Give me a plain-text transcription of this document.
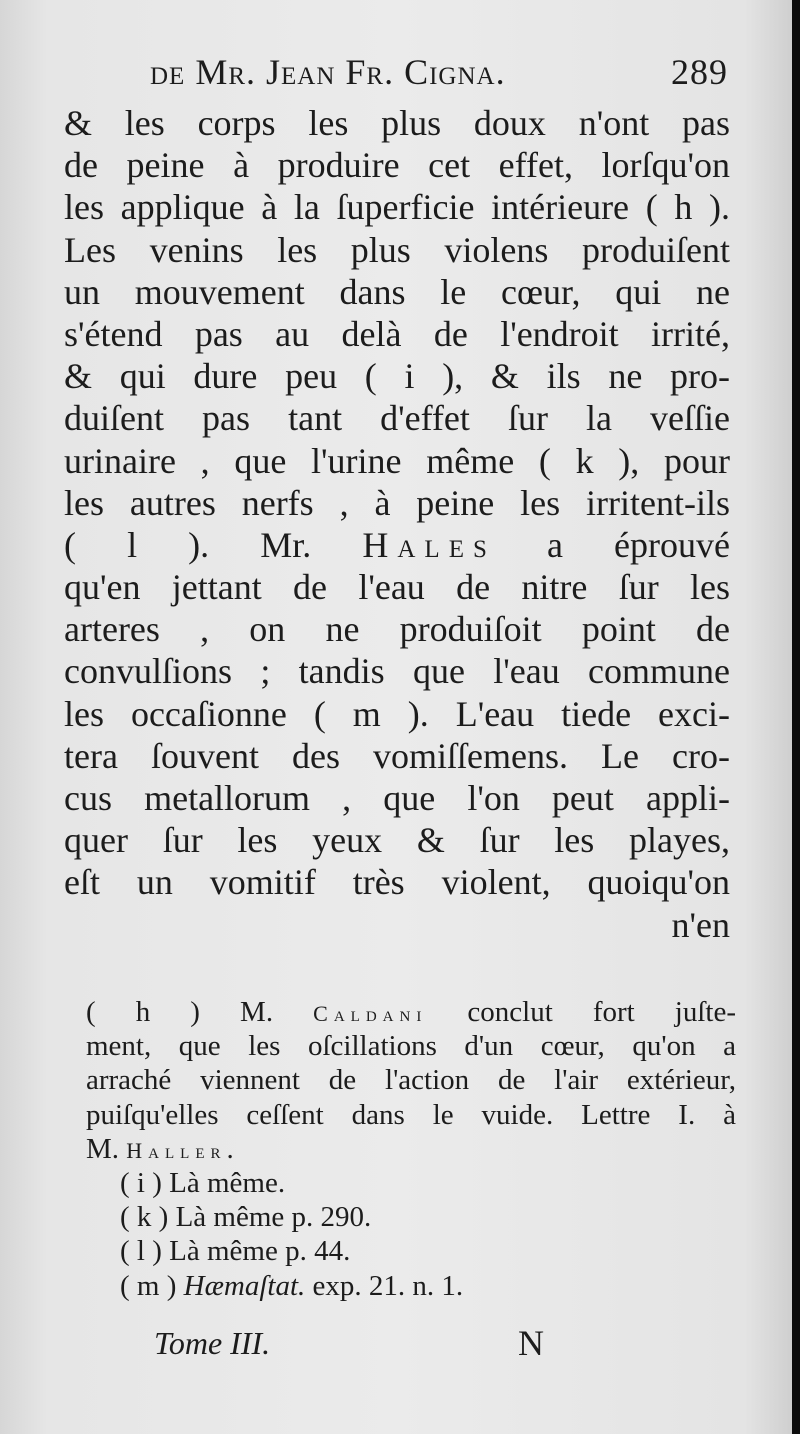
de Mr. Jean Fr. Cigna.	289
& les corps les plus doux n'ont pas
de peine à produire cet effet, lorſqu'on
les applique à la ſuperficie intérieure ( h ).
Les venins les plus violens produiſent
un mouvement dans le cœur, qui ne
s'étend pas au delà de l'endroit irrité,
& qui dure peu ( i ), & ils ne pro-
duiſent pas tant d'effet ſur la veſſie
urinaire , que l'urine même ( k ), pour
les autres nerfs , à peine les irritent-ils
( l ). Mr. Hales a éprouvé
qu'en jettant de l'eau de nitre ſur les
arteres , on ne produiſoit point de
convulſions ; tandis que l'eau commune
les occaſionne ( m ). L'eau tiede exci-
tera ſouvent des vomiſſemens. Le cro-
cus metallorum , que l'on peut appli-
quer ſur les yeux & ſur les playes,
eſt un vomitif très violent, quoiqu'on
n'en
( h ) M. Caldani conclut fort juſte-
ment, que les oſcillations d'un cœur, qu'on a
arraché viennent de l'action de l'air extérieur,
puiſqu'elles ceſſent dans le vuide. Lettre I. à
M. Haller.
( i ) Là même.
( k ) Là même p. 290.
( l ) Là même p. 44.
( m ) Hæmaſtat. exp. 21. n. 1.
Tome III.	N
